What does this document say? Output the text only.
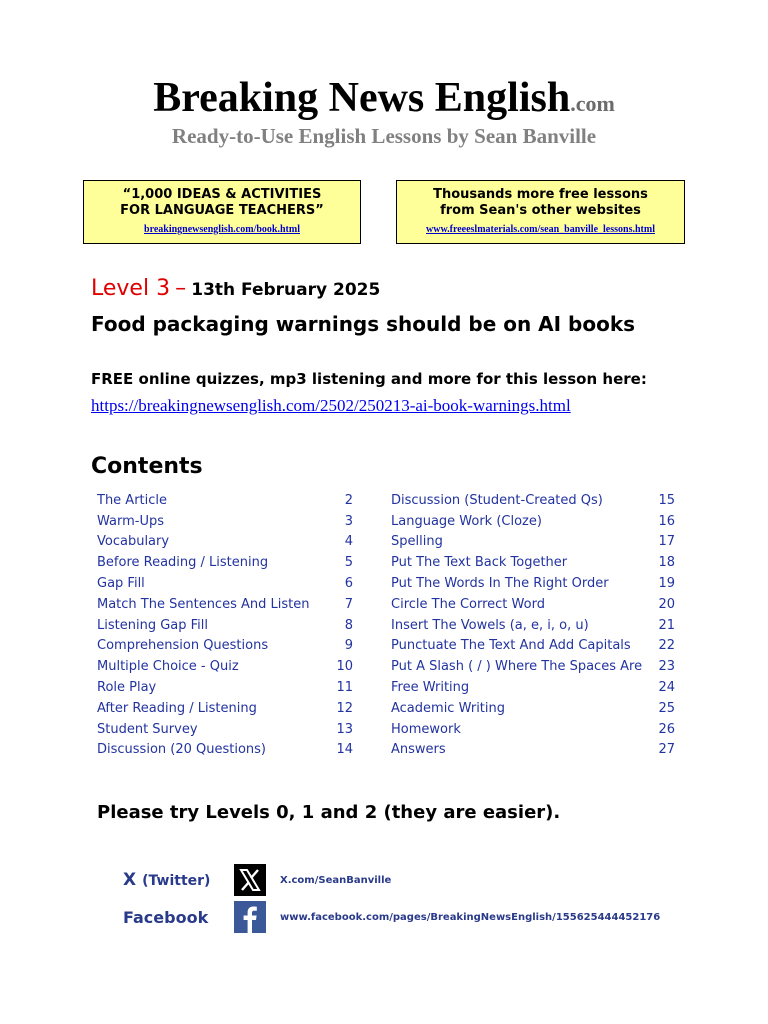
Breaking News English.com
Ready-to-Use English Lessons by Sean Banville
“1,000 IDEAS & ACTIVITIES
FOR LANGUAGE TEACHERS”
breakingnewsenglish.com/book.html
Thousands more free lessons
from Sean's other websites
www.freeeslmaterials.com/sean_banville_lessons.html
Level 3 – 13th February 2025
Food packaging warnings should be on AI books
FREE online quizzes, mp3 listening and more for this lesson here:
https://breakingnewsenglish.com/2502/250213-ai-book-warnings.html
Contents
The Article	2
Warm-Ups	3
Vocabulary	4
Before Reading / Listening	5
Gap Fill	6
Match The Sentences And Listen	7
Listening Gap Fill	8
Comprehension Questions	9
Multiple Choice - Quiz	10
Role Play	11
After Reading / Listening	12
Student Survey	13
Discussion (20 Questions)	14
Discussion (Student-Created Qs)	15
Language Work (Cloze)	16
Spelling	17
Put The Text Back Together	18
Put The Words In The Right Order	19
Circle The Correct Word	20
Insert The Vowels (a, e, i, o, u)	21
Punctuate The Text And Add Capitals 22
Put A Slash ( / ) Where The Spaces Are 23
Free Writing	24
Academic Writing	25
Homework	26
Answers	27
Please try Levels 0, 1 and 2 (they are easier).
X (Twitter)	X.com/SeanBanville
Facebook	www.facebook.com/pages/BreakingNewsEnglish/155625444452176
